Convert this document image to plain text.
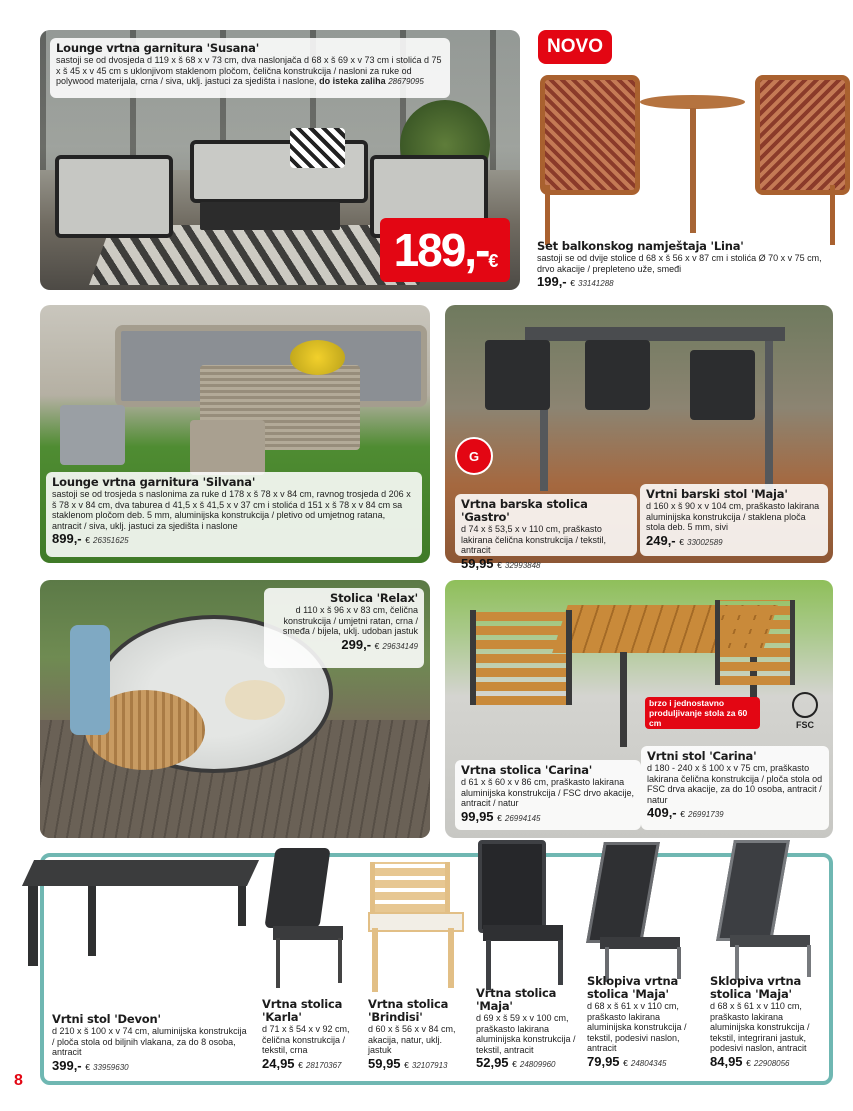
Lounge vrtna garnitura 'Susana'
sastoji se od dvosjeda d 119 x š 68 x v 73 cm, dva naslonjača d 68 x š 69 x v 73 cm i stolića d 75 x š 45 x v 45 cm s uklonjivom staklenom pločom, čelična konstrukcija / nasloni za ruke od polywood materijala, crna / siva, uklj. jastuci za sjedišta i naslone, do isteka zaliha 28679095
189,- €
NOVO
Set balkonskog namještaja 'Lina'
sastoji se od dvije stolice d 68 x š 56 x v 87 cm i stolića Ø 70 x v 75 cm, drvo akacije / prepleteno uže, smeđi
199,- € 33141288
Lounge vrtna garnitura 'Silvana'
sastoji se od trosjeda s naslonima za ruke d 178 x š 78 x v 84 cm, ravnog trosjeda d 206 x š 78 x v 84 cm, dva taburea d 41,5 x š 41,5 x v 37 cm i stolića d 151 x š 78 x v 84 cm sa staklenom pločom deb. 5 mm, aluminijska konstrukcija / pletivo od umjetnog ratana, antracit / siva, uklj. jastuci za sjedišta i naslone
899,- € 26351625
G
Vrtna barska stolica 'Gastro'
d 74 x š 53,5 x v 110 cm, praškasto lakirana čelična konstrukcija / tekstil, antracit
59,95 € 32993848
Vrtni barski stol 'Maja'
d 160 x š 90 x v 104 cm, praškasto lakirana aluminijska konstrukcija / staklena ploča stola deb. 5 mm, sivi
249,- € 33002589
Stolica 'Relax'
d 110 x š 96 x v 83 cm, čelična konstrukcija / umjetni ratan, crna / smeđa / bijela, uklj. udoban jastuk
299,- € 29634149
FSC
brzo i jednostavno produljivanje stola za 60 cm
Vrtna stolica 'Carina'
d 61 x š 60 x v 86 cm, praškasto lakirana aluminijska konstrukcija / FSC drvo akacije, antracit / natur
99,95 € 26994145
Vrtni stol 'Carina'
d 180 - 240 x š 100 x v 75 cm, praškasto lakirana čelična konstrukcija / ploča stola od FSC drva akacije, za do 10 osoba, antracit / natur
409,- € 26991739
Vrtni stol 'Devon'
d 210 x š 100 x v 74 cm, aluminijska konstrukcija / ploča stola od biljnih vlakana, za do 8 osoba, antracit
399,- € 33959630
Vrtna stolica 'Karla'
d 71 x š 54 x v 92 cm, čelična konstrukcija / tekstil, crna
24,95 € 28170367
Vrtna stolica 'Brindisi'
d 60 x š 56 x v 84 cm, akacija, natur, uklj. jastuk
59,95 € 32107913
Vrtna stolica 'Maja'
d 69 x š 59 x v 100 cm, praškasto lakirana aluminijska konstrukcija / tekstil, antracit
52,95 € 24809960
Sklopiva vrtna stolica 'Maja'
d 68 x š 61 x v 110 cm, praškasto lakirana aluminijska konstrukcija / tekstil, podesivi naslon, antracit
79,95 € 24804345
Sklopiva vrtna stolica 'Maja'
d 68 x š 61 x v 110 cm, praškasto lakirana aluminijska konstrukcija / tekstil, integrirani jastuk, podesivi naslon, antracit
84,95 € 22908056
8
